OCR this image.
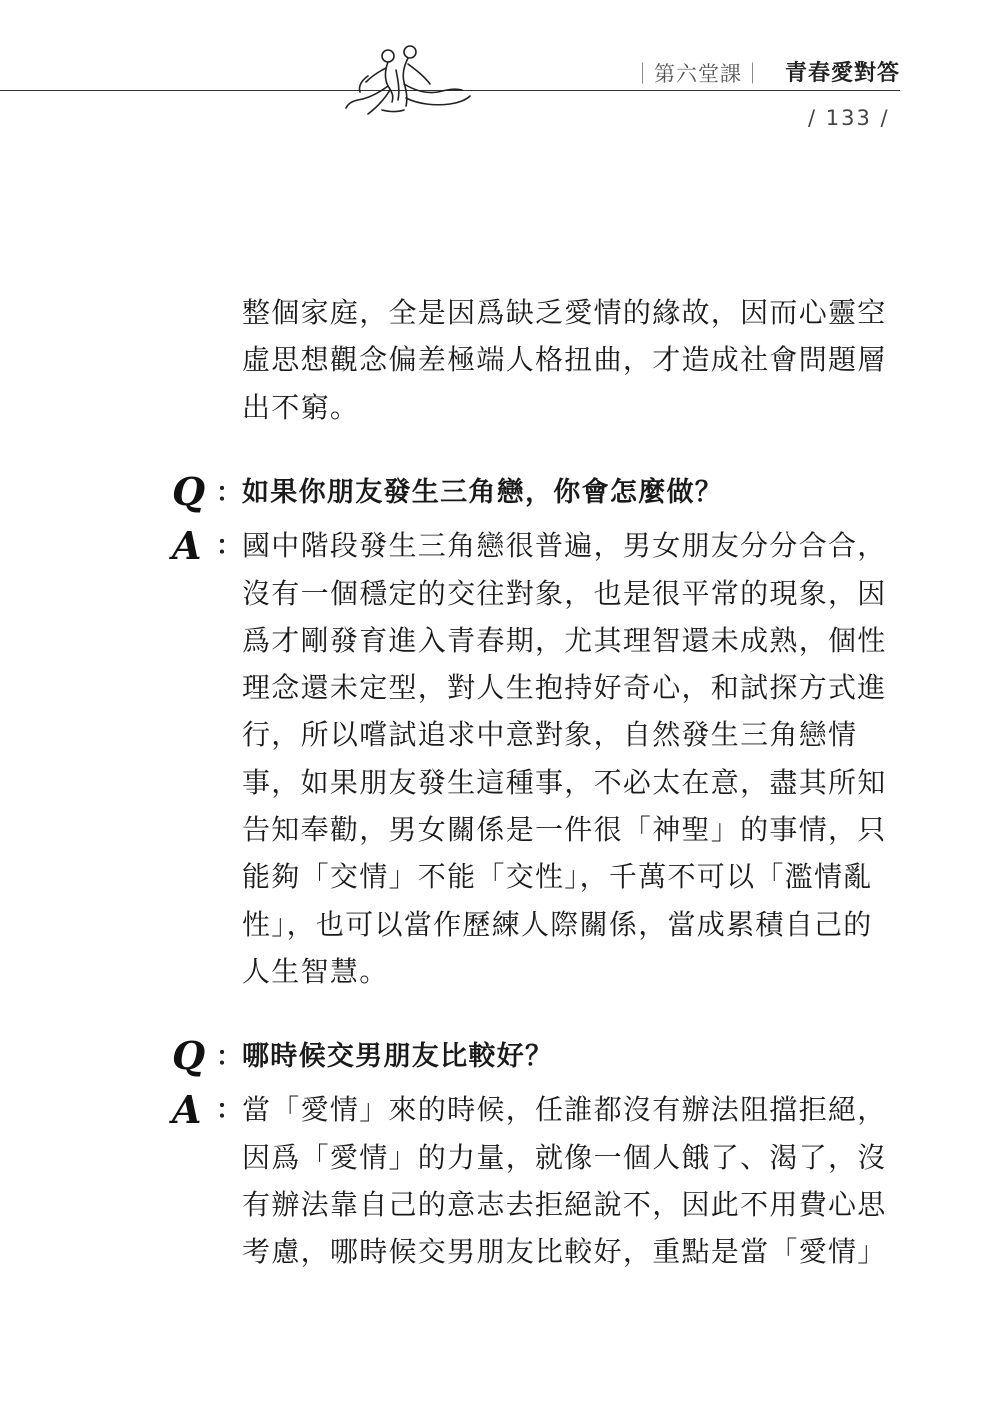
｜第六堂課｜ 青春愛對答
/ 133 /
整個家庭，全是因爲缺乏愛情的緣故，因而心靈空
虛思想觀念偏差極端人格扭曲，才造成社會問題層
出不窮。
Q ： 如果你朋友發生三角戀，你會怎麼做？
A ： 國中階段發生三角戀很普遍，男女朋友分分合合，
沒有一個穩定的交往對象，也是很平常的現象，因
爲才剛發育進入青春期，尤其理智還未成熟，個性
理念還未定型，對人生抱持好奇心，和試探方式進
行，所以嚐試追求中意對象，自然發生三角戀情
事，如果朋友發生這種事，不必太在意，盡其所知
告知奉勸，男女關係是一件很「神聖」的事情，只
能夠「交情」不能「交性」，千萬不可以「濫情亂
性」，也可以當作歷練人際關係，當成累積自己的
人生智慧。
Q ： 哪時候交男朋友比較好？
A ： 當「愛情」來的時候，任誰都沒有辦法阻擋拒絕，
因爲「愛情」的力量，就像一個人餓了、渴了，沒
有辦法靠自己的意志去拒絕說不，因此不用費心思
考慮，哪時候交男朋友比較好，重點是當「愛情」
